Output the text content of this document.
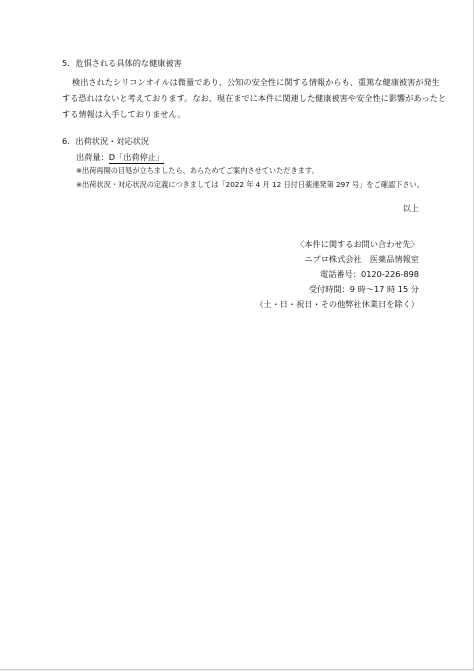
5．危惧される具体的な健康被害
検出されたシリコンオイルは微量であり、公知の安全性に関する情報からも、重篤な健康被害が発生
する恐れはないと考えております。なお、現在までに本件に関連した健康被害や安全性に影響があったと
する情報は入手しておりません。
6．出荷状況・対応状況
出荷量：D「出荷停止」
※出荷再開の目処が立ちましたら、あらためてご案内させていただきます。
※出荷状況・対応状況の定義につきましては「2022 年 4 月 12 日付日薬連発第 297 号」をご確認下さい。
以上
〈本件に関するお問い合わせ先〉
ニプロ株式会社　医薬品情報室
電話番号：0120-226-898
受付時間：9 時〜17 時 15 分
（土・日・祝日・その他弊社休業日を除く）
